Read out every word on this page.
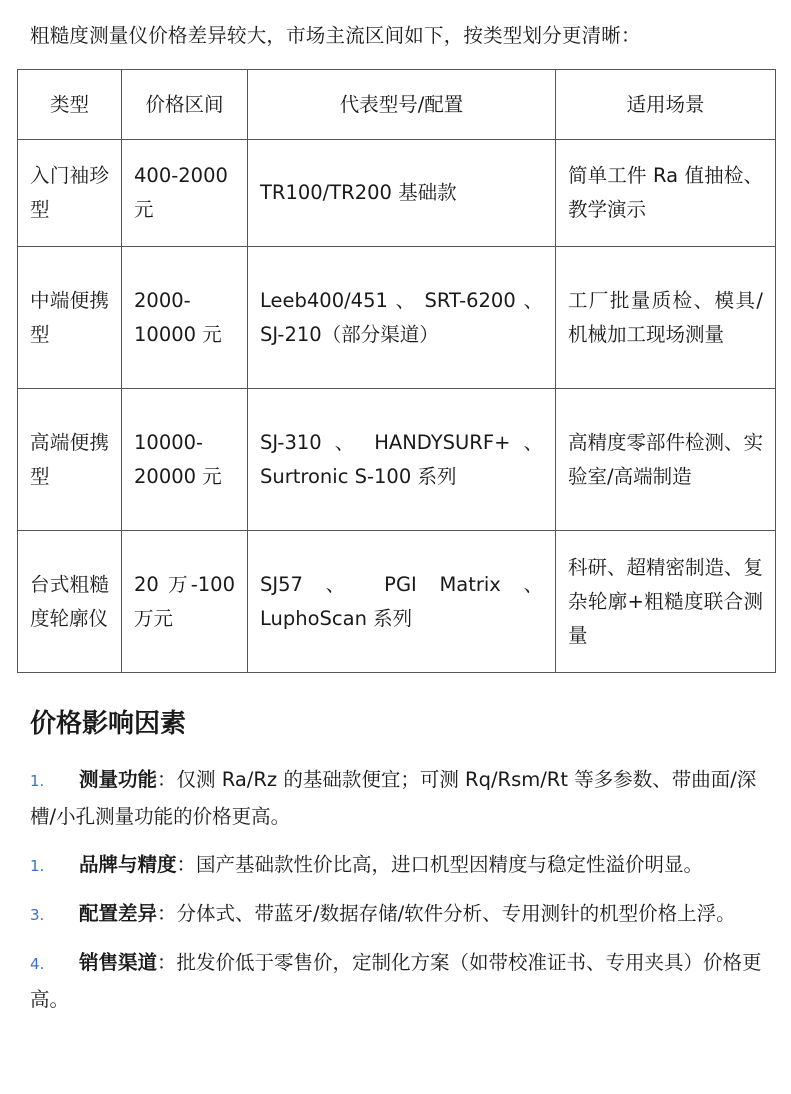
粗糙度测量仪价格差异较大，市场主流区间如下，按类型划分更清晰：
类型	价格区间	代表型号/配置	适用场景
入门袖珍型	400-2000元	TR100/TR200 基础款	简单工件 Ra 值抽检、教学演示
中端便携型	2000-10000 元	Leeb400/451 、 SRT-6200 、SJ-210（部分渠道）	工厂批量质检、模具/机械加工现场测量
高端便携型	10000-20000 元	SJ-310 、 HANDYSURF+ 、Surtronic S-100 系列	高精度零部件检测、实验室/高端制造
台式粗糙度轮廓仪	20 万-100 万元	SJ57 、 PGI Matrix 、LuphoScan 系列	科研、超精密制造、复杂轮廓+粗糙度联合测量
价格影响因素
1. 测量功能：仅测 Ra/Rz 的基础款便宜；可测 Rq/Rsm/Rt 等多参数、带曲面/深槽/小孔测量功能的价格更高。
1. 品牌与精度：国产基础款性价比高，进口机型因精度与稳定性溢价明显。
3. 配置差异：分体式、带蓝牙/数据存储/软件分析、专用测针的机型价格上浮。
4. 销售渠道：批发价低于零售价，定制化方案（如带校准证书、专用夹具）价格更高。
